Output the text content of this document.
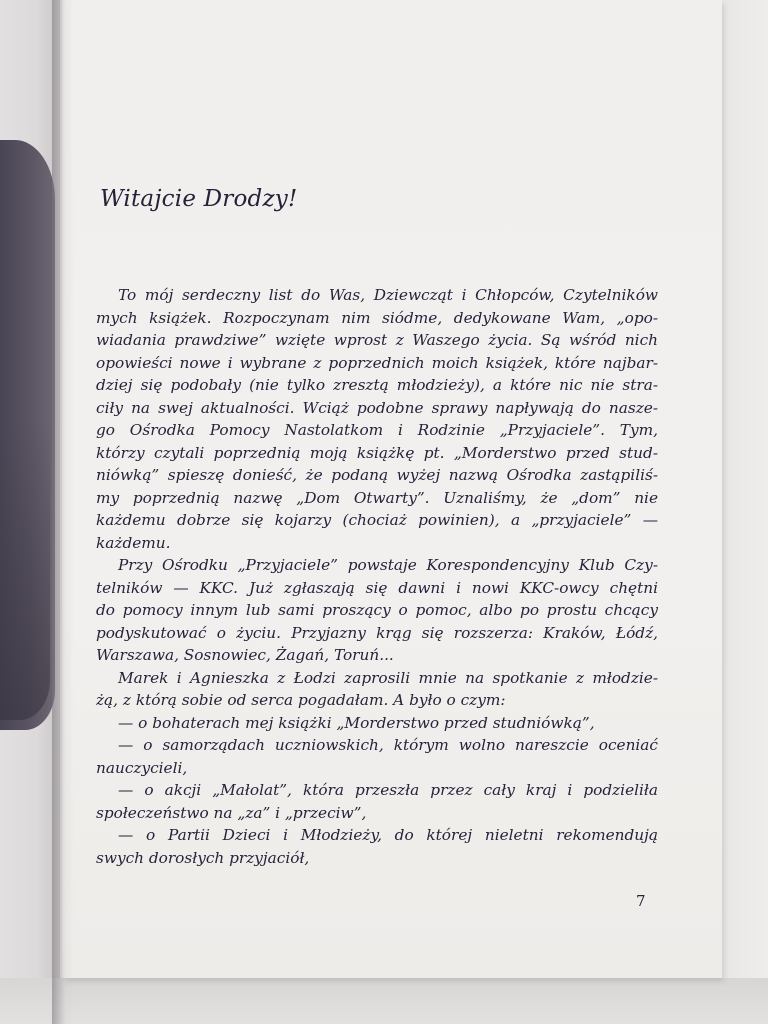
Witajcie Drodzy!
To mój serdeczny list do Was, Dziewcząt i Chłopców, Czytelników
mych książek. Rozpoczynam nim siódme, dedykowane Wam, „opo-
wiadania prawdziwe” wzięte wprost z Waszego życia. Są wśród nich
opowieści nowe i wybrane z poprzednich moich książek, które najbar-
dziej się podobały (nie tylko zresztą młodzieży), a które nic nie stra-
ciły na swej aktualności. Wciąż podobne sprawy napływają do nasze-
go Ośrodka Pomocy Nastolatkom i Rodzinie „Przyjaciele”. Tym,
którzy czytali poprzednią moją książkę pt. „Morderstwo przed stud-
niówką” spieszę donieść, że podaną wyżej nazwą Ośrodka zastąpiliś-
my poprzednią nazwę „Dom Otwarty”. Uznaliśmy, że „dom” nie
każdemu dobrze się kojarzy (chociaż powinien), a „przyjaciele” —
każdemu.
Przy Ośrodku „Przyjaciele” powstaje Korespondencyjny Klub Czy-
telników — KKC. Już zgłaszają się dawni i nowi KKC-owcy chętni
do pomocy innym lub sami proszący o pomoc, albo po prostu chcący
podyskutować o życiu. Przyjazny krąg się rozszerza: Kraków, Łódź,
Warszawa, Sosnowiec, Żagań, Toruń...
Marek i Agnieszka z Łodzi zaprosili mnie na spotkanie z młodzie-
żą, z którą sobie od serca pogadałam. A było o czym:
— o bohaterach mej książki „Morderstwo przed studniówką”,
— o samorządach uczniowskich, którym wolno nareszcie oceniać
nauczycieli,
— o akcji „Małolat”, która przeszła przez cały kraj i podzieliła
społeczeństwo na „za” i „przeciw”,
— o Partii Dzieci i Młodzieży, do której nieletni rekomendują
swych dorosłych przyjaciół,
7
